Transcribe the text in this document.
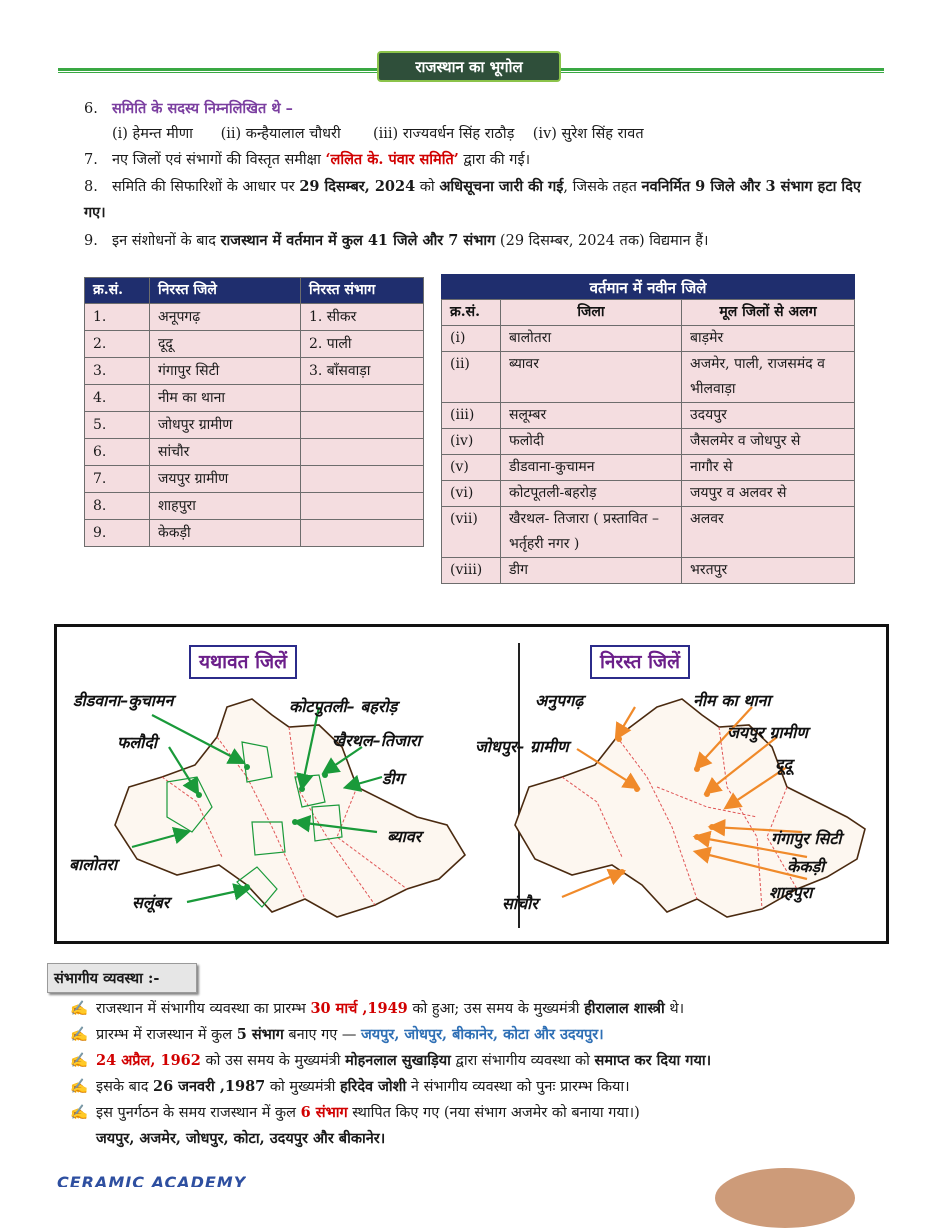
राजस्थान का भूगोल
6. समिति के सदस्य निम्नलिखित थे –
(i) हेमन्त मीणा      (ii) कन्हैयालाल चौधरी       (iii) राज्यवर्धन सिंह राठौड़    (iv) सुरेश सिंह रावत
7. नए जिलों एवं संभागों की विस्तृत समीक्षा ‘ललित के. पंवार समिति’ द्वारा की गई।
8. समिति की सिफारिशों के आधार पर 29 दिसम्बर, 2024 को अधिसूचना जारी की गई, जिसके तहत नवनिर्मित 9 जिले और 3 संभाग हटा दिए गए।
9. इन संशोधनों के बाद राजस्थान में वर्तमान में कुल 41 जिले और 7 संभाग (29 दिसम्बर, 2024 तक) विद्यमान हैं।
क्र.सं.	निरस्त जिले	निरस्त संभाग
1.	अनूपगढ़	1. सीकर
2.	दूदू	2. पाली
3.	गंगापुर सिटी	3. बाँसवाड़ा
4.	नीम का थाना	
5.	जोधपुर ग्रामीण	
6.	सांचौर	
7.	जयपुर ग्रामीण	
8.	शाहपुरा	
9.	केकड़ी	
वर्तमान में नवीन जिले
क्र.सं.	जिला	मूल जिलों से अलग
(i)	बालोतरा	बाड़मेर
(ii)	ब्यावर	अजमेर, पाली, राजसमंद व भीलवाड़ा
(iii)	सलूम्बर	उदयपुर
(iv)	फलोदी	जैसलमेर व जोधपुर से
(v)	डीडवाना-कुचामन	नागौर से
(vi)	कोटपूतली-बहरोड़	जयपुर व अलवर से
(vii)	खैरथल- तिजारा ( प्रस्तावित – भर्तृहरी नगर )	अलवर
(viii)	डीग	भरतपुर
यथावत जिलें	निरस्त जिलें
डीडवाना–कुचामन	कोटपुतली– बहरोड़
फलौदी	खैरथल–तिजारा
डीग
ब्यावर
बालोतरा
सलूंबर
अनुपगढ़	नीम का थाना
जयपुर ग्रामीण
जोधपुर– ग्रामीण
दूदू
गंगापुर सिटी
केकड़ी
शाहपुरा
सांचौर
संभागीय व्यवस्था :-
✍ राजस्थान में संभागीय व्यवस्था का प्रारम्भ 30 मार्च ,1949 को हुआ; उस समय के मुख्यमंत्री हीरालाल शास्त्री थे।
✍ प्रारम्भ में राजस्थान में कुल 5 संभाग बनाए गए — जयपुर, जोधपुर, बीकानेर, कोटा और उदयपुर।
✍ 24 अप्रैल, 1962 को उस समय के मुख्यमंत्री मोहनलाल सुखाड़िया द्वारा संभागीय व्यवस्था को समाप्त कर दिया गया।
✍ इसके बाद 26 जनवरी ,1987 को मुख्यमंत्री हरिदेव जोशी ने संभागीय व्यवस्था को पुनः प्रारम्भ किया।
✍ इस पुनर्गठन के समय राजस्थान में कुल 6 संभाग स्थापित किए गए (नया संभाग अजमेर को बनाया गया।)
जयपुर, अजमेर, जोधपुर, कोटा, उदयपुर और बीकानेर।
CERAMIC ACADEMY
